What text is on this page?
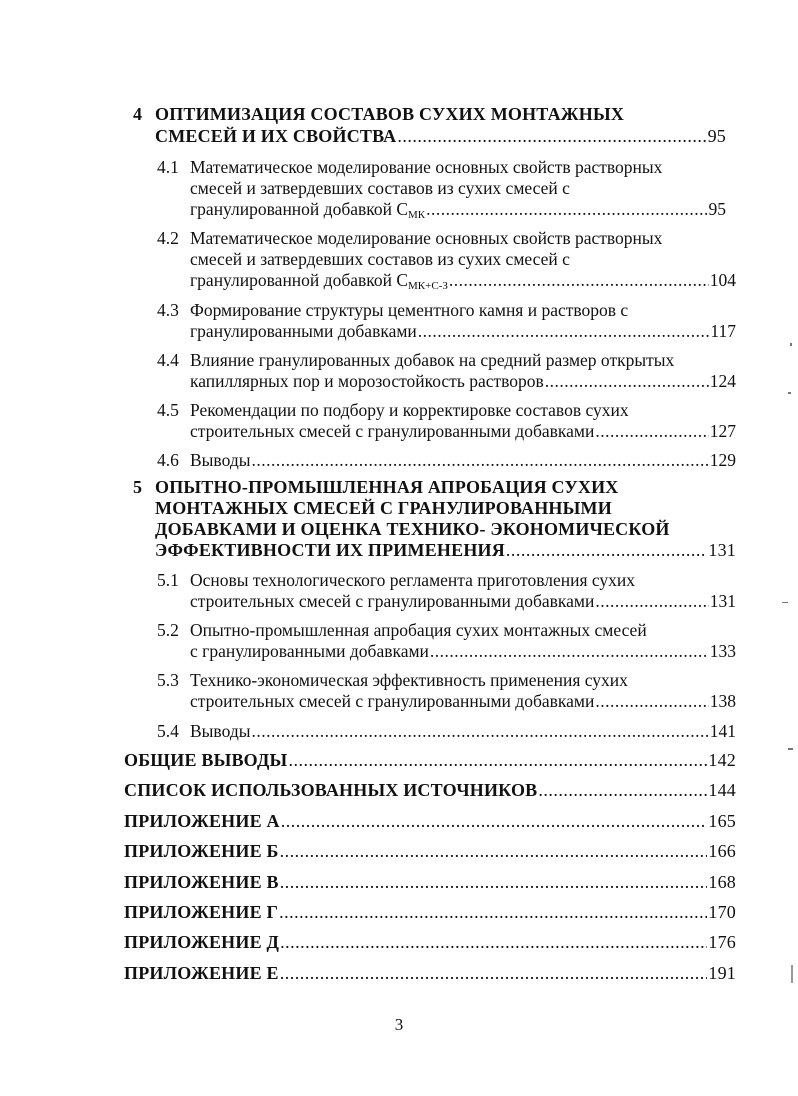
4 ОПТИМИЗАЦИЯ СОСТАВОВ СУХИХ МОНТАЖНЫХ
СМЕСЕЙ И ИХ СВОЙСТВА .....	95
4.1 Математическое моделирование основных свойств растворных
смесей и затвердевших составов из сухих смесей с
гранулированной добавкой $С_{МК}$ .....	95
4.2 Математическое моделирование основных свойств растворных
смесей и затвердевших составов из сухих смесей с
гранулированной добавкой $С_{МК+С-З}$ .....	104
4.3 Формирование структуры цементного камня и растворов с
гранулированными добавками .....	117
4.4 Влияние гранулированных добавок на средний размер открытых
капиллярных пор и морозостойкость растворов .....	124
4.5 Рекомендации по подбору и корректировке составов сухих
строительных смесей с гранулированными добавками .....	127
4.6 Выводы .....	129
5 ОПЫТНО-ПРОМЫШЛЕННАЯ АПРОБАЦИЯ СУХИХ
МОНТАЖНЫХ СМЕСЕЙ С ГРАНУЛИРОВАННЫМИ
ДОБАВКАМИ И ОЦЕНКА ТЕХНИКО- ЭКОНОМИЧЕСКОЙ
ЭФФЕКТИВНОСТИ ИХ ПРИМЕНЕНИЯ .....	131
5.1 Основы технологического регламента приготовления сухих
строительных смесей с гранулированными добавками .....	131
5.2 Опытно-промышленная апробация сухих монтажных смесей
с гранулированными добавками .....	133
5.3 Технико-экономическая эффективность применения сухих
строительных смесей с гранулированными добавками .....	138
5.4 Выводы .....	141
ОБЩИЕ ВЫВОДЫ .....	142
СПИСОК ИСПОЛЬЗОВАННЫХ ИСТОЧНИКОВ .....	144
ПРИЛОЖЕНИЕ А .....	165
ПРИЛОЖЕНИЕ Б .....	166
ПРИЛОЖЕНИЕ В .....	168
ПРИЛОЖЕНИЕ Г .....	170
ПРИЛОЖЕНИЕ Д .....	176
ПРИЛОЖЕНИЕ Е .....	191
3
